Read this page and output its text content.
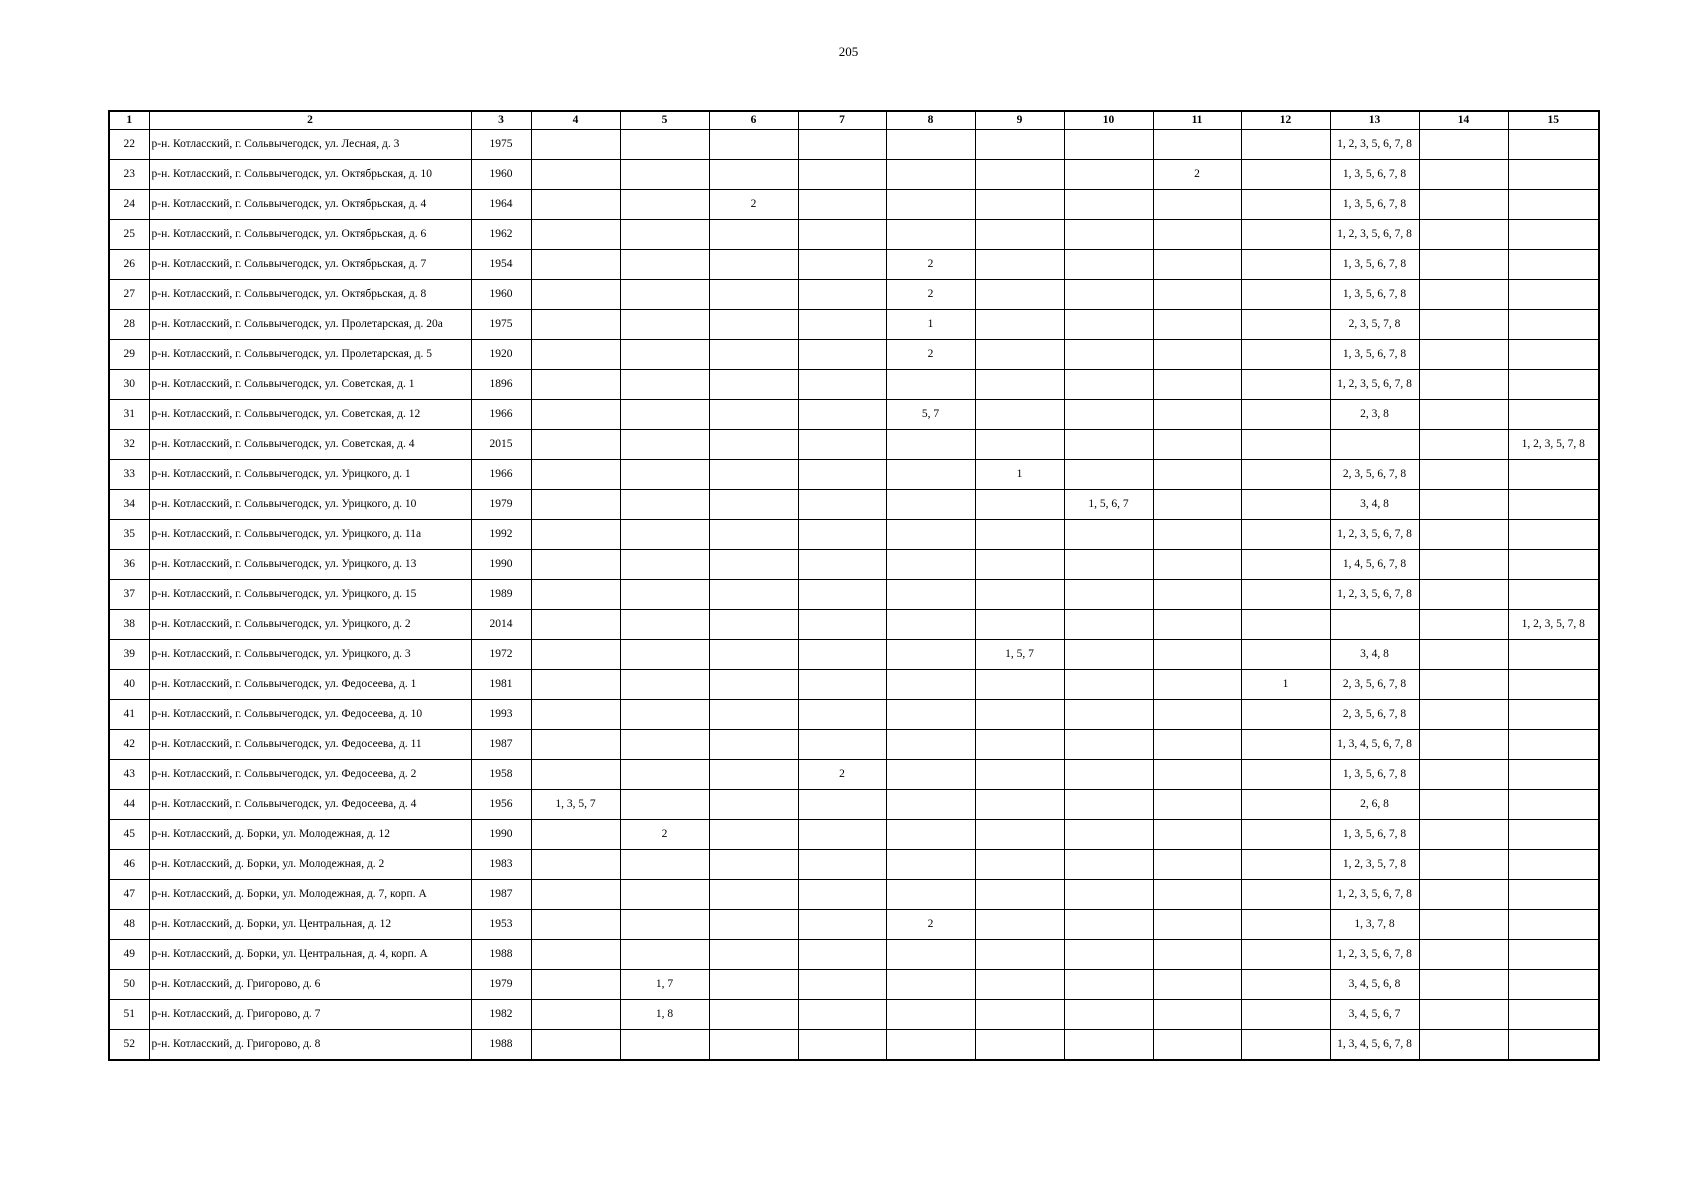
205
1	2	3	4	5	6	7	8	9	10	11	12	13	14	15
22	р-н. Котласский, г. Сольвычегодск, ул. Лесная, д. 3	1975										1, 2, 3, 5, 6, 7, 8		
23	р-н. Котласский, г. Сольвычегодск, ул. Октябрьская, д. 10	1960								2		1, 3, 5, 6, 7, 8		
24	р-н. Котласский, г. Сольвычегодск, ул. Октябрьская, д. 4	1964			2							1, 3, 5, 6, 7, 8		
25	р-н. Котласский, г. Сольвычегодск, ул. Октябрьская, д. 6	1962										1, 2, 3, 5, 6, 7, 8		
26	р-н. Котласский, г. Сольвычегодск, ул. Октябрьская, д. 7	1954					2					1, 3, 5, 6, 7, 8		
27	р-н. Котласский, г. Сольвычегодск, ул. Октябрьская, д. 8	1960					2					1, 3, 5, 6, 7, 8		
28	р-н. Котласский, г. Сольвычегодск, ул. Пролетарская, д. 20а	1975					1					2, 3, 5, 7, 8		
29	р-н. Котласский, г. Сольвычегодск, ул. Пролетарская, д. 5	1920					2					1, 3, 5, 6, 7, 8		
30	р-н. Котласский, г. Сольвычегодск, ул. Советская, д. 1	1896										1, 2, 3, 5, 6, 7, 8		
31	р-н. Котласский, г. Сольвычегодск, ул. Советская, д. 12	1966					5, 7					2, 3, 8		
32	р-н. Котласский, г. Сольвычегодск, ул. Советская, д. 4	2015												1, 2, 3, 5, 7, 8
33	р-н. Котласский, г. Сольвычегодск, ул. Урицкого, д. 1	1966						1				2, 3, 5, 6, 7, 8		
34	р-н. Котласский, г. Сольвычегодск, ул. Урицкого, д. 10	1979							1, 5, 6, 7			3, 4, 8		
35	р-н. Котласский, г. Сольвычегодск, ул. Урицкого, д. 11а	1992										1, 2, 3, 5, 6, 7, 8		
36	р-н. Котласский, г. Сольвычегодск, ул. Урицкого, д. 13	1990										1, 4, 5, 6, 7, 8		
37	р-н. Котласский, г. Сольвычегодск, ул. Урицкого, д. 15	1989										1, 2, 3, 5, 6, 7, 8		
38	р-н. Котласский, г. Сольвычегодск, ул. Урицкого, д. 2	2014												1, 2, 3, 5, 7, 8
39	р-н. Котласский, г. Сольвычегодск, ул. Урицкого, д. 3	1972						1, 5, 7				3, 4, 8		
40	р-н. Котласский, г. Сольвычегодск, ул. Федосеева, д. 1	1981									1	2, 3, 5, 6, 7, 8		
41	р-н. Котласский, г. Сольвычегодск, ул. Федосеева, д. 10	1993										2, 3, 5, 6, 7, 8		
42	р-н. Котласский, г. Сольвычегодск, ул. Федосеева, д. 11	1987										1, 3, 4, 5, 6, 7, 8		
43	р-н. Котласский, г. Сольвычегодск, ул. Федосеева, д. 2	1958				2						1, 3, 5, 6, 7, 8		
44	р-н. Котласский, г. Сольвычегодск, ул. Федосеева, д. 4	1956	1, 3, 5, 7									2, 6, 8		
45	р-н. Котласский, д. Борки, ул. Молодежная, д. 12	1990		2								1, 3, 5, 6, 7, 8		
46	р-н. Котласский, д. Борки, ул. Молодежная, д. 2	1983										1, 2, 3, 5, 7, 8		
47	р-н. Котласский, д. Борки, ул. Молодежная, д. 7, корп. А	1987										1, 2, 3, 5, 6, 7, 8		
48	р-н. Котласский, д. Борки, ул. Центральная, д. 12	1953					2					1, 3, 7, 8		
49	р-н. Котласский, д. Борки, ул. Центральная, д. 4, корп. А	1988										1, 2, 3, 5, 6, 7, 8		
50	р-н. Котласский, д. Григорово, д. 6	1979		1, 7								3, 4, 5, 6, 8		
51	р-н. Котласский, д. Григорово, д. 7	1982		1, 8								3, 4, 5, 6, 7		
52	р-н. Котласский, д. Григорово, д. 8	1988										1, 3, 4, 5, 6, 7, 8		
